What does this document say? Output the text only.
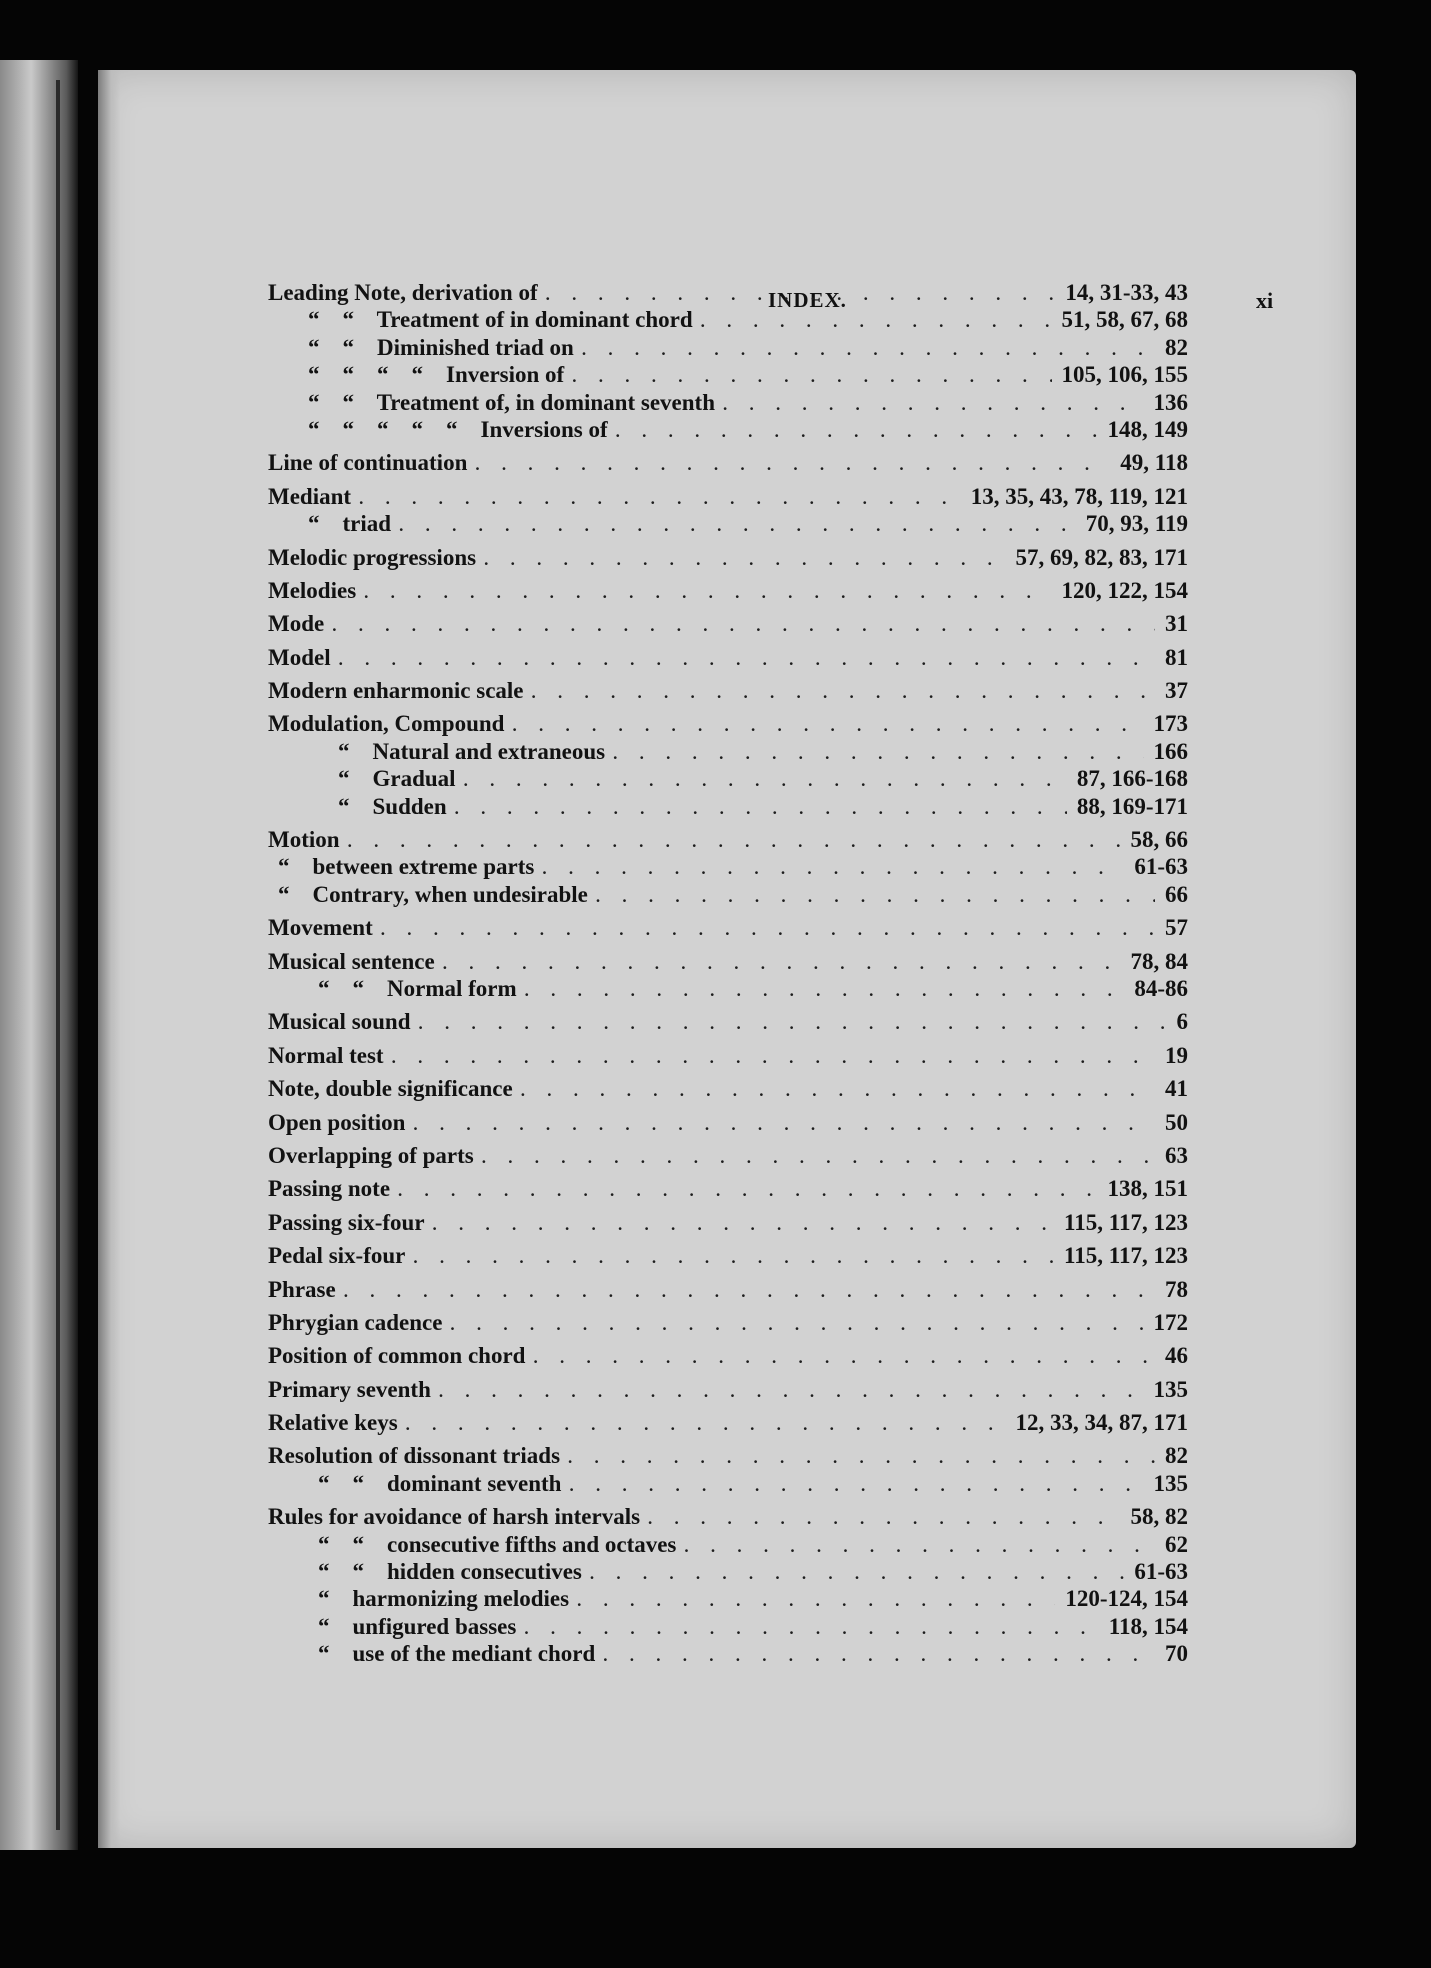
INDEX.	xi
Leading Note, derivation of . . .	14, 31-33, 43
“    “    Treatment of in dominant chord . . .	51, 58, 67, 68
“    “    Diminished triad on . . .	82
“    “    “    “    Inversion of . . .	105, 106, 155
“    “    Treatment of, in dominant seventh . . .	136
“    “    “    “    “    Inversions of . . .	148, 149
Line of continuation . . .	49, 118
Mediant . . .	13, 35, 43, 78, 119, 121
“    triad . . .	70, 93, 119
Melodic progressions . . .	57, 69, 82, 83, 171
Melodies . . .	120, 122, 154
Mode . . .	31
Model . . .	81
Modern enharmonic scale . . .	37
Modulation, Compound . . .	173
“    Natural and extraneous . . .	166
“    Gradual . . .	87, 166-168
“    Sudden . . .	88, 169-171
Motion . . .	58, 66
“    between extreme parts . . .	61-63
“    Contrary, when undesirable . . .	66
Movement . . .	57
Musical sentence . . .	78, 84
“    “    Normal form . . .	84-86
Musical sound . . .	6
Normal test . . .	19
Note, double significance . . .	41
Open position . . .	50
Overlapping of parts . . .	63
Passing note . . .	138, 151
Passing six-four . . .	115, 117, 123
Pedal six-four . . .	115, 117, 123
Phrase . . .	78
Phrygian cadence . . .	172
Position of common chord . . .	46
Primary seventh . . .	135
Relative keys . . .	12, 33, 34, 87, 171
Resolution of dissonant triads . . .	82
“    “    dominant seventh . . .	135
Rules for avoidance of harsh intervals . . .	58, 82
“    “    consecutive fifths and octaves . . .	62
“    “    hidden consecutives . . .	61-63
“    harmonizing melodies . . .	120-124, 154
“    unfigured basses . . .	118, 154
“    use of the mediant chord . . .	70
